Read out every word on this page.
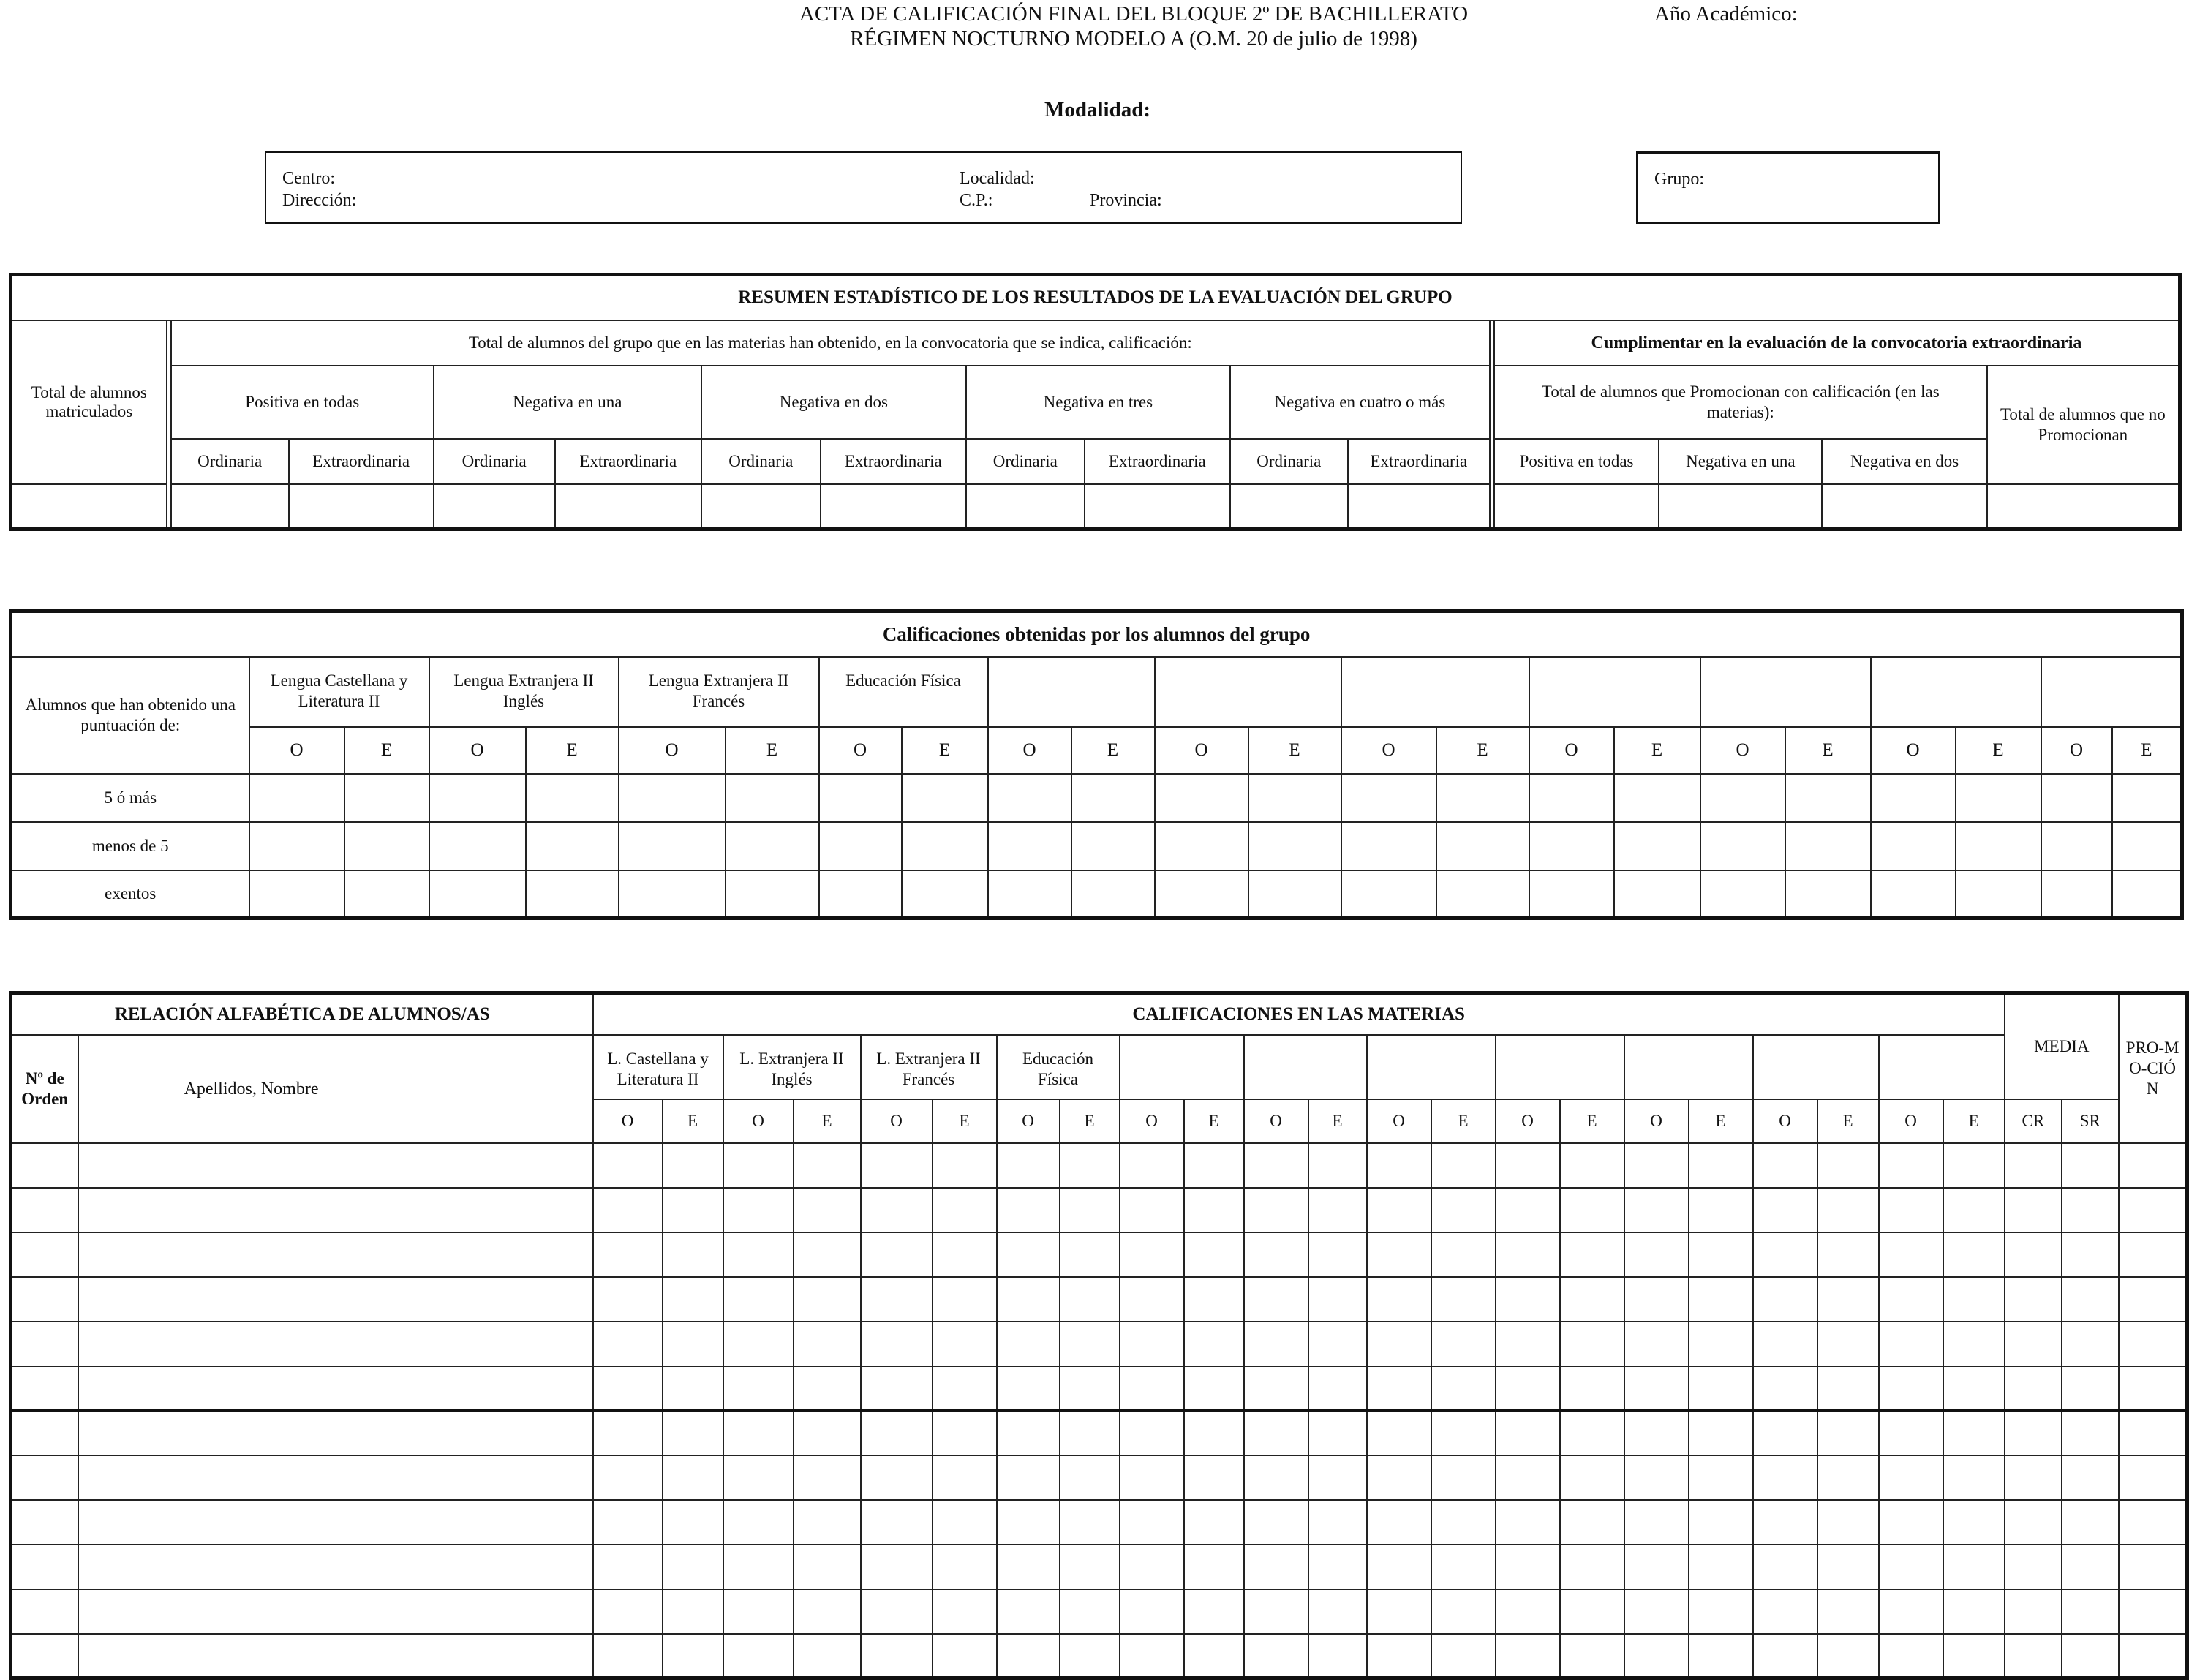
ACTA DE CALIFICACIÓN FINAL DEL BLOQUE 2º DE BACHILLERATO
RÉGIMEN NOCTURNO MODELO A (O.M. 20 de julio de 1998)
Año Académico:
Modalidad:
Centro:
Dirección:
Localidad:
C.P.:	Provincia:
Grupo:
RESUMEN ESTADÍSTICO DE LOS RESULTADOS DE LA EVALUACIÓN DEL GRUPO																
Total de alumnos matriculados		Total de alumnos del grupo que en las materias han obtenido, en la convocatoria que se indica, calificación:											Cumplimentar en la evaluación de la convocatoria extraordinaria			
		Positiva en todas		Negativa en una		Negativa en dos		Negativa en tres		Negativa en cuatro o más			Total de alumnos que Promocionan con calificación (en las materias):			Total de alumnos que no Promocionan
		Ordinaria	Extraordinaria	Ordinaria	Extraordinaria	Ordinaria	Extraordinaria	Ordinaria	Extraordinaria	Ordinaria	Extraordinaria		Positiva en todas	Negativa en una	Negativa en dos	

Calificaciones obtenidas por los alumnos del grupo																						
Alumnos que han obtenido una puntuación de:	Lengua Castellana y Literatura II		Lengua Extranjera II Inglés		Lengua Extranjera II Francés		Educación Física															
	O	E	O	E	O	E	O	E	O	E	O	E	O	E	O	E	O	E	O	E	O	E
5 ó más																						
menos de 5																						
exentos																						
RELACIÓN ALFABÉTICA DE ALUMNOS/AS		CALIFICACIONES EN LAS MATERIAS																						MEDIA		PRO-MO-CIÓN
Nº de Orden	Apellidos, Nombre	L. Castellana y Literatura II		L. Extranjera II Inglés		L. Extranjera II Francés		Educación Física																		
		O	E	O	E	O	E	O	E	O	E	O	E	O	E	O	E	O	E	O	E	O	E	CR	SR	
